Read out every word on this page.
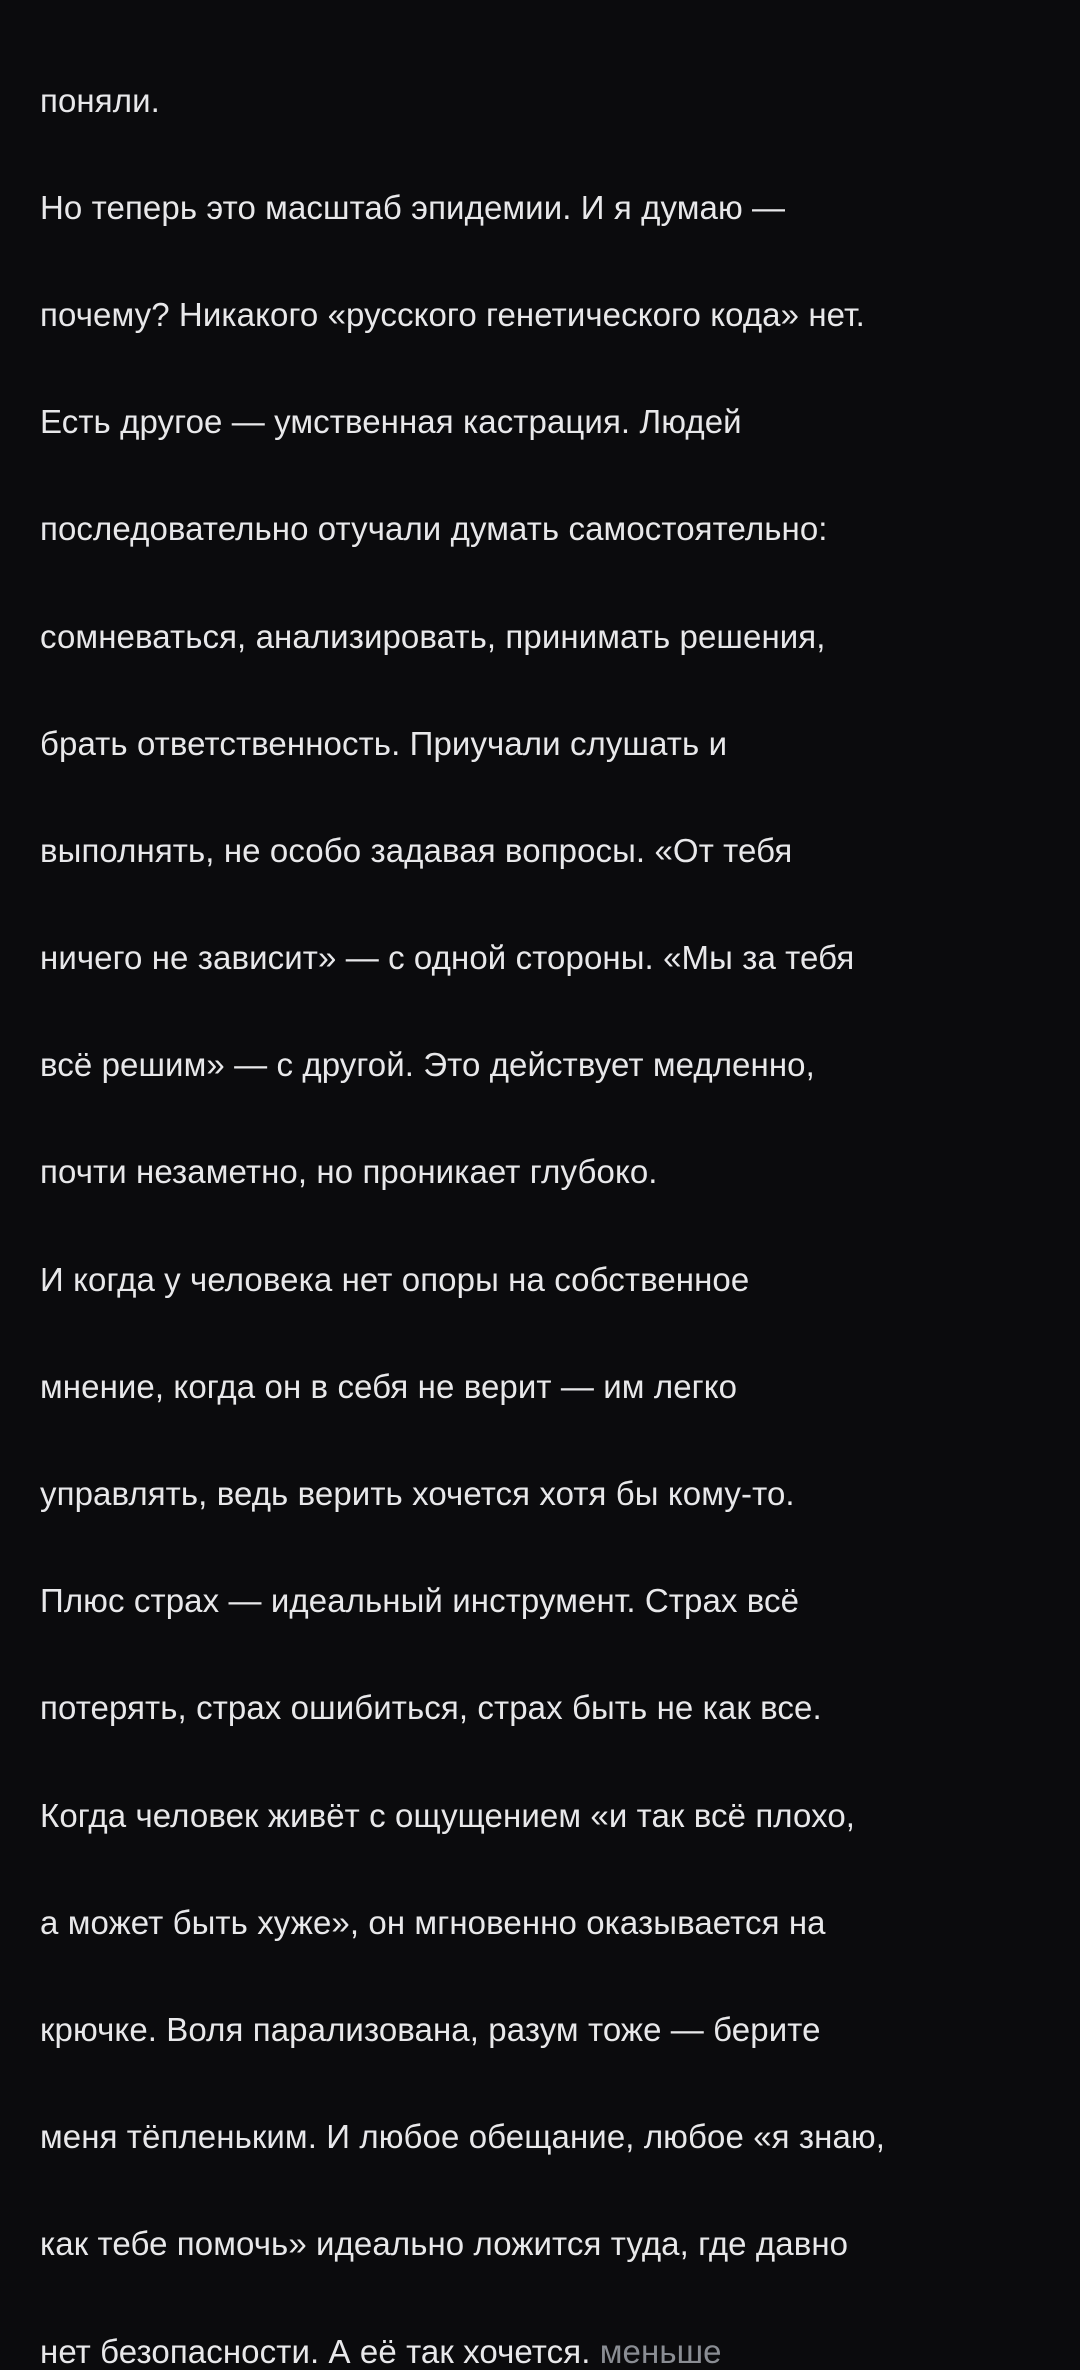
поняли.

Но теперь это масштаб эпидемии. И я думаю —

почему? Никакого «русского генетического кода» нет.

Есть другое — умственная кастрация. Людей

последовательно отучали думать самостоятельно:

сомневаться, анализировать, принимать решения,

брать ответственность. Приучали слушать и

выполнять, не особо задавая вопросы. «От тебя

ничего не зависит» — с одной стороны. «Мы за тебя

всё решим» — с другой. Это действует медленно,

почти незаметно, но проникает глубоко.

И когда у человека нет опоры на собственное

мнение, когда он в себя не верит — им легко

управлять, ведь верить хочется хотя бы кому-то.

Плюс страх — идеальный инструмент. Страх всё

потерять, страх ошибиться, страх быть не как все.

Когда человек живёт с ощущением «и так всё плохо,

а может быть хуже», он мгновенно оказывается на

крючке. Воля парализована, разум тоже — берите

меня тёпленьким. И любое обещание, любое «я знаю,

как тебе помочь» идеально ложится туда, где давно

нет безопасности. А её так хочется. меньше
